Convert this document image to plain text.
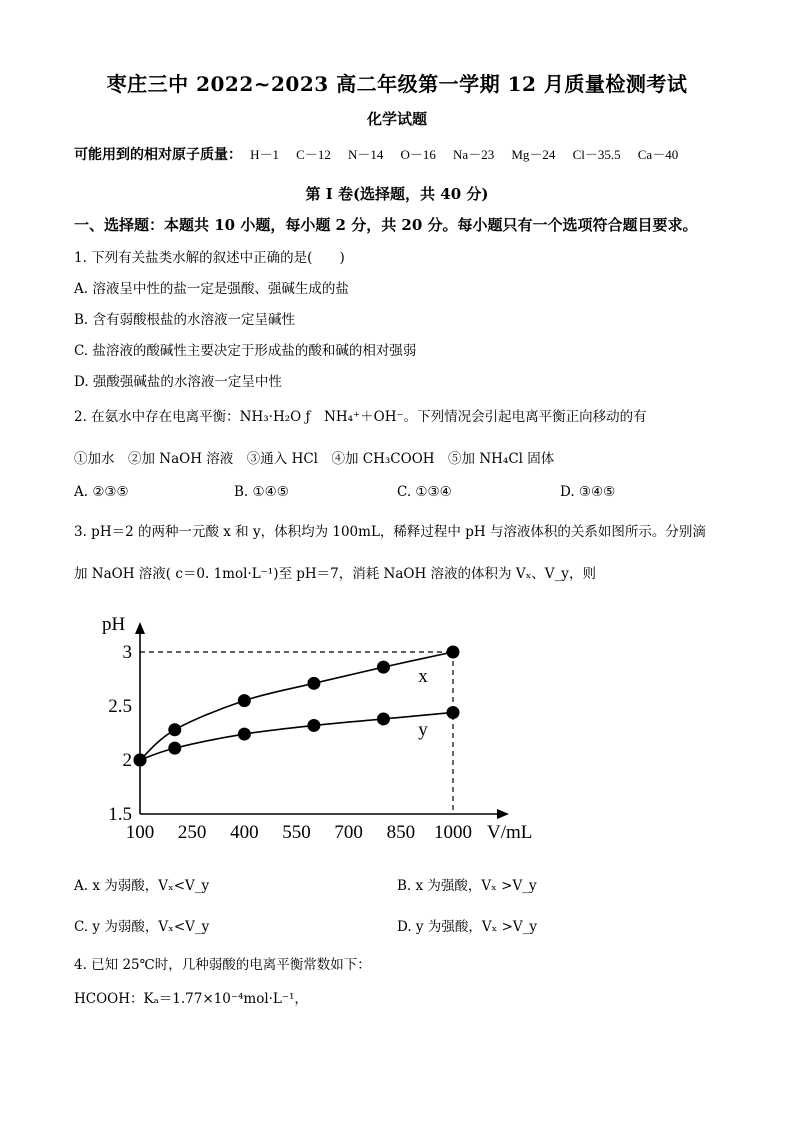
枣庄三中 2022~2023 高二年级第一学期 12 月质量检测考试
化学试题
可能用到的相对原子质量： H－1 C－12 N－14 O－16 Na－23 Mg－24 Cl－35.5 Ca－40
第 I 卷(选择题，共 40 分)
一、选择题：本题共 10 小题，每小题 2 分，共 20 分。每小题只有一个选项符合题目要求。
1. 下列有关盐类水解的叙述中正确的是(　　)
A. 溶液呈中性的盐一定是强酸、强碱生成的盐
B. 含有弱酸根盐的水溶液一定呈碱性
C. 盐溶液的酸碱性主要决定于形成盐的酸和碱的相对强弱
D. 强酸强碱盐的水溶液一定呈中性
2. 在氨水中存在电离平衡：NH₃·H₂O ƒ　NH₄⁺＋OH⁻。下列情况会引起电离平衡正向移动的有
①加水　②加 NaOH 溶液　③通入 HCl　④加 CH₃COOH　⑤加 NH₄Cl 固体
A. ②③⑤	B. ①④⑤	C. ①③④	D. ③④⑤
3. pH＝2 的两种一元酸 x 和 y，体积均为 100mL，稀释过程中 pH 与溶液体积的关系如图所示。分别滴
加 NaOH 溶液( c＝0. 1mol·L⁻¹)至 pH＝7，消耗 NaOH 溶液的体积为 Vₓ、V_y，则
pH
V/mL
100 250 400 550 700 850 1000
1.5
2
2.5
3
x
y
A. x 为弱酸，Vₓ<V_y	B. x 为强酸，Vₓ >V_y
C. y 为弱酸，Vₓ<V_y	D. y 为强酸，Vₓ >V_y
4. 已知 25℃时，几种弱酸的电离平衡常数如下：
HCOOH：Kₐ＝1.77×10⁻⁴mol·L⁻¹，
